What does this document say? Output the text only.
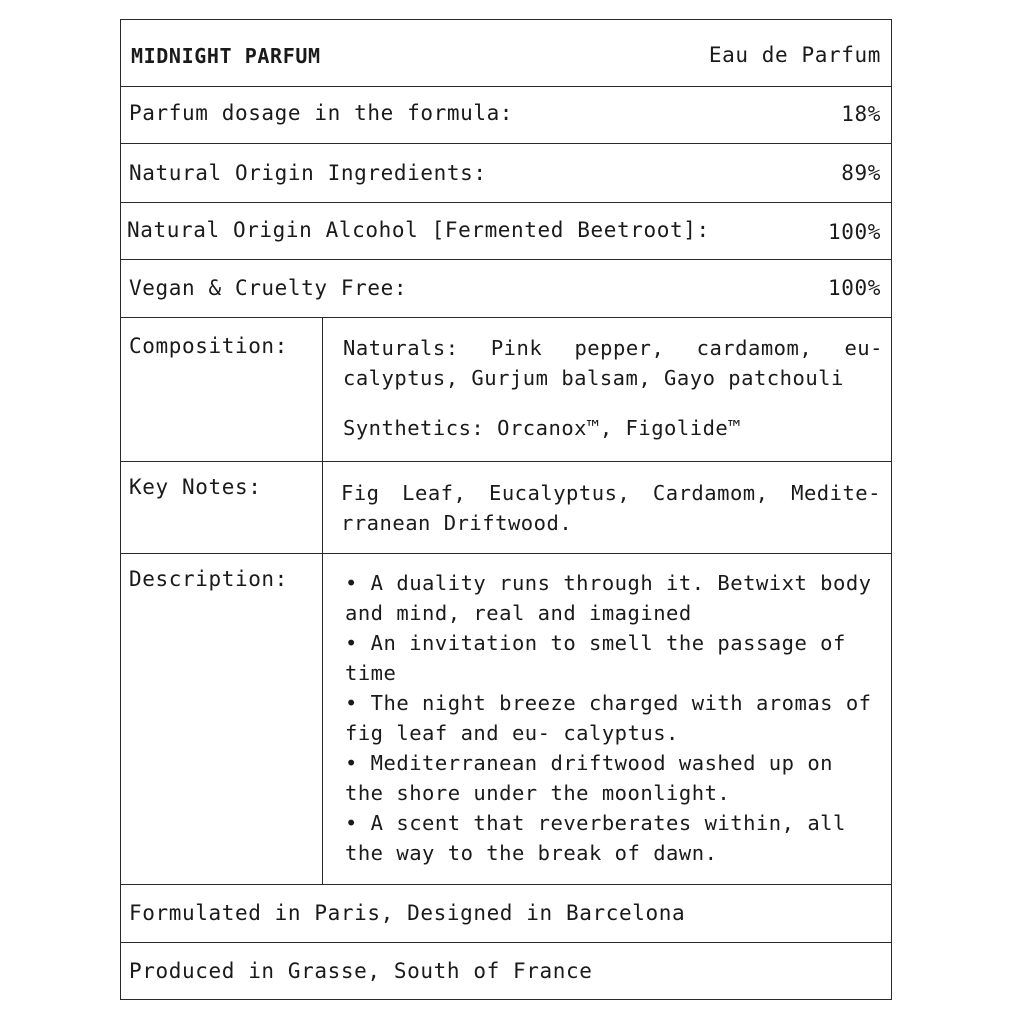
MIDNIGHT PARFUM	Eau de Parfum
Parfum dosage in the formula:	18%
Natural Origin Ingredients:	89%
Natural Origin Alcohol [Fermented Beetroot]:	100%
Vegan & Cruelty Free:	100%
Composition:	Naturals: Pink pepper, cardamom, eu-

calyptus, Gurjum balsam, Gayo patchouli

Synthetics: Orcanox™, Figolide™

Key Notes:	Fig Leaf, Eucalyptus, Cardamom, Medite-

rranean Driftwood.

Description:	• A duality runs through it. Betwixt body

and mind, real and imagined

• An invitation to smell the passage of

time

• The night breeze charged with aromas of

fig leaf and eu- calyptus.

• Mediterranean driftwood washed up on

the shore under the moonlight.

• A scent that reverberates within, all

the way to the break of dawn.

Formulated in Paris, Designed in Barcelona
Produced in Grasse, South of France
